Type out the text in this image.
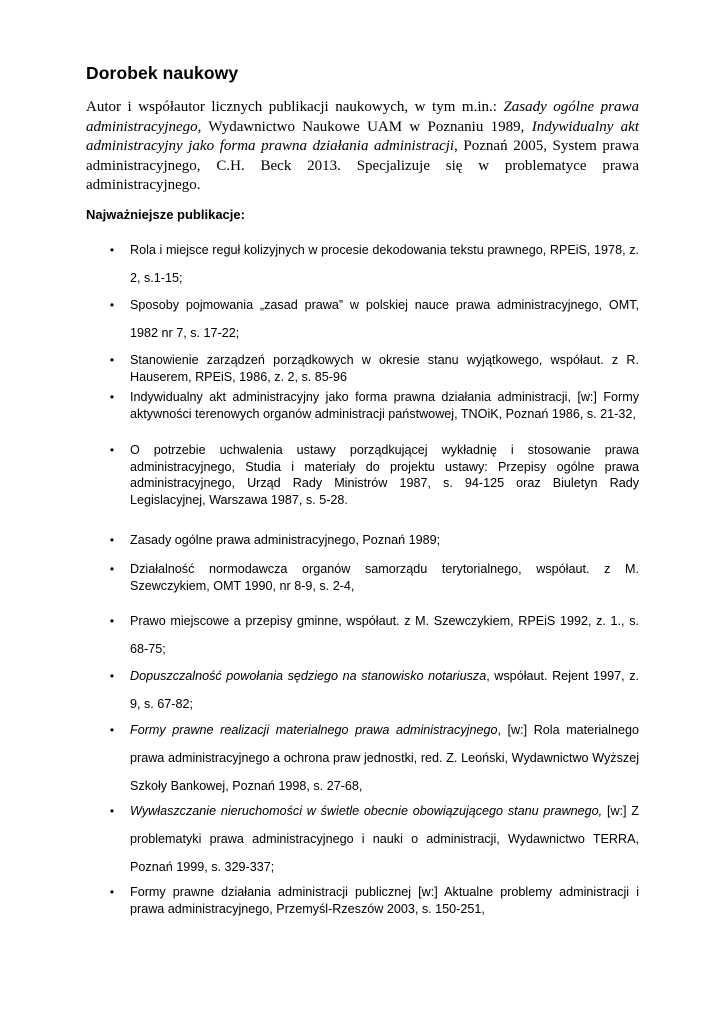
Dorobek naukowy

Autor i współautor licznych publikacji naukowych, w tym m.in.: Zasady ogólne prawa administracyjnego, Wydawnictwo Naukowe UAM w Poznaniu 1989, Indywidualny akt administracyjny jako forma prawna działania administracji, Poznań 2005, System prawa administracyjnego, C.H. Beck 2013. Specjalizuje się w problematyce prawa administracyjnego.

Najważniejsze publikacje:
• Rola i miejsce reguł kolizyjnych w procesie dekodowania tekstu prawnego, RPEiS, 1978, z. 2, s.1-15;
• Sposoby pojmowania „zasad prawa” w polskiej nauce prawa administracyjnego, OMT, 1982 nr 7, s. 17-22;
• Stanowienie zarządzeń porządkowych w okresie stanu wyjątkowego, współaut. z R. Hauserem, RPEiS, 1986, z. 2, s. 85-96
• Indywidualny akt administracyjny jako forma prawna działania administracji, [w:] Formy aktywności terenowych organów administracji państwowej, TNOiK, Poznań 1986, s. 21-32,
• O potrzebie uchwalenia ustawy porządkującej wykładnię i stosowanie prawa administracyjnego, Studia i materiały do projektu ustawy: Przepisy ogólne prawa administracyjnego, Urząd Rady Ministrów 1987, s. 94-125 oraz Biuletyn Rady Legislacyjnej, Warszawa 1987, s. 5-28.
• Zasady ogólne prawa administracyjnego, Poznań 1989;
• Działalność normodawcza organów samorządu terytorialnego, współaut. z M. Szewczykiem, OMT 1990, nr 8-9, s. 2-4,
• Prawo miejscowe a przepisy gminne, współaut. z M. Szewczykiem, RPEiS 1992, z. 1., s. 68-75;
• Dopuszczalność powołania sędziego na stanowisko notariusza, współaut. Rejent 1997, z. 9, s. 67-82;
• Formy prawne realizacji materialnego prawa administracyjnego, [w:] Rola materialnego prawa administracyjnego a ochrona praw jednostki, red. Z. Leoński, Wydawnictwo Wyższej Szkoły Bankowej, Poznań 1998, s. 27-68,
• Wywłaszczanie nieruchomości w świetle obecnie obowiązującego stanu prawnego, [w:] Z problematyki prawa administracyjnego i nauki o administracji, Wydawnictwo TERRA, Poznań 1999, s. 329-337;
• Formy prawne działania administracji publicznej [w:] Aktualne problemy administracji i prawa administracyjnego, Przemyśl-Rzeszów 2003, s. 150-251,
